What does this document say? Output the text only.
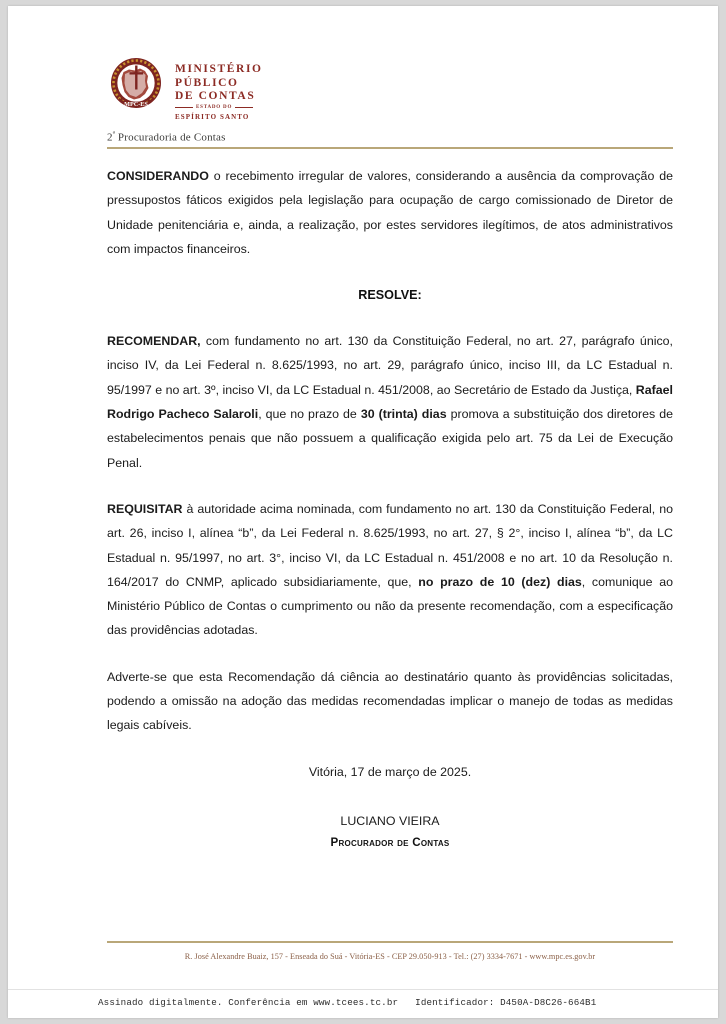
MPC-ES
MINISTÉRIO
PÚBLICO
DE CONTAS
ESTADO DO
ESPÍRITO SANTO
$2^ª$ Procuradoria de Contas

CONSIDERANDO o recebimento irregular de valores, considerando a ausência da comprovação de pressupostos fáticos exigidos pela legislação para ocupação de cargo comissionado de Diretor de Unidade penitenciária e, ainda, a realização, por estes servidores ilegítimos, de atos administrativos com impactos financeiros.

RESOLVE:

RECOMENDAR, com fundamento no art. 130 da Constituição Federal, no art. 27, parágrafo único, inciso IV, da Lei Federal n. 8.625/1993, no art. 29, parágrafo único, inciso III, da LC Estadual n. 95/1997 e no art. 3º, inciso VI, da LC Estadual n. 451/2008, ao Secretário de Estado da Justiça, Rafael Rodrigo Pacheco Salaroli, que no prazo de 30 (trinta) dias promova a substituição dos diretores de estabelecimentos penais que não possuem a qualificação exigida pelo art. 75 da Lei de Execução Penal.

REQUISITAR à autoridade acima nominada, com fundamento no art. 130 da Constituição Federal, no art. 26, inciso I, alínea “b”, da Lei Federal n. 8.625/1993, no art. 27, § 2°, inciso I, alínea “b”, da LC Estadual n. 95/1997, no art. 3°, inciso VI, da LC Estadual n. 451/2008 e no art. 10 da Resolução n. 164/2017 do CNMP, aplicado subsidiariamente, que, no prazo de 10 (dez) dias, comunique ao Ministério Público de Contas o cumprimento ou não da presente recomendação, com a especificação das providências adotadas.

Adverte-se que esta Recomendação dá ciência ao destinatário quanto às providências solicitadas, podendo a omissão na adoção das medidas recomendadas implicar o manejo de todas as medidas legais cabíveis.

Vitória, 17 de março de 2025.

LUCIANO VIEIRA
Procurador de Contas
R. José Alexandre Buaiz, 157 - Enseada do Suá - Vitória-ES - CEP 29.050-913 - Tel.: (27) 3334-7671 - www.mpc.es.gov.br
Assinado digitalmente. Conferência em www.tcees.tc.br   Identificador: D450A-D8C26-664B1
